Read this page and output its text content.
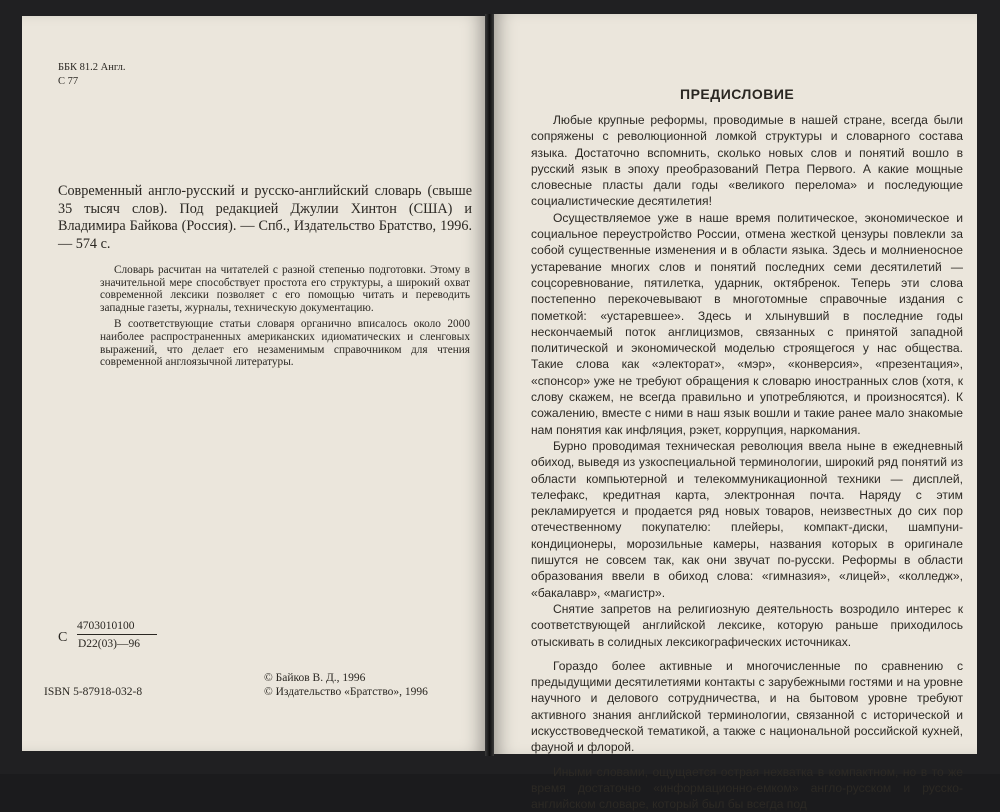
ББК 81.2 Англ.
С 77
Современный англо-русский и русско-английский словарь (свыше 35 тысяч слов). Под редакцией Джулии Хинтон (США) и Владимира Байкова (Россия). — Спб., Издательство Братство, 1996. — 574 с.

Словарь расчитан на читателей с разной степенью подготовки. Этому в значительной мере способствует простота его структуры, а широкий охват современной лексики позволяет с его помощью читать и переводить западные газеты, журналы, техническую документацию.

В соответствующие статьи словаря органично вписалось около 2000 наиболее распространенных американских идиоматических и сленговых выражений, что делает его незаменимым справочником для чтения современной англоязычной литературы.

С
4703010100
D22(03)—96
ISBN 5-87918-032-8
© Байков В. Д., 1996
© Издательство «Братство», 1996
ПРЕДИСЛОВИЕ

Любые крупные реформы, проводимые в нашей стране, всегда были сопряжены с революционной ломкой структуры и словарного состава языка. Достаточно вспомнить, сколько новых слов и понятий вошло в русский язык в эпоху преобразований Петра Первого. А какие мощные словесные пласты дали годы «великого перелома» и последующие социалистические десятилетия!

Осуществляемое уже в наше время политическое, экономическое и социальное переустройство России, отмена жесткой цензуры повлекли за собой существенные изменения и в области языка. Здесь и молниеносное устаревание многих слов и понятий последних семи десятилетий — соцсоревнование, пятилетка, ударник, октябренок. Теперь эти слова постепенно перекочевывают в многотомные справочные издания с пометкой: «устаревшее». Здесь и хлынувший в последние годы нескончаемый поток англицизмов, связанных с принятой западной политической и экономической моделью строящегося у нас общества. Такие слова как «электорат», «мэр», «конверсия», «презентация», «спонсор» уже не требуют обращения к словарю иностранных слов (хотя, к слову скажем, не всегда правильно и употребляются, и произносятся). К сожалению, вместе с ними в наш язык вошли и такие ранее мало знакомые нам понятия как инфляция, рэкет, коррупция, наркомания.

Бурно проводимая техническая революция ввела ныне в ежедневный обиход, выведя из узкоспециальной терминологии, широкий ряд понятий из области компьютерной и телекоммуникационной техники — дисплей, телефакс, кредитная карта, электронная почта. Наряду с этим рекламируется и продается ряд новых товаров, неизвестных до сих пор отечественному покупателю: плейеры, компакт-диски, шампуни-кондиционеры, морозильные камеры, названия которых в оригинале пишутся не совсем так, как они звучат по-русски. Реформы в области образования ввели в обиход слова: «гимназия», «лицей», «колледж», «бакалавр», «магистр».

Снятие запретов на религиозную деятельность возродило интерес к соответствующей английской лексике, которую раньше приходилось отыскивать в солидных лексикографических источниках.

Гораздо более активные и многочисленные по сравнению с предыдущими десятилетиями контакты с зарубежными гостями и на уровне научного и делового сотрудничества, и на бытовом уровне требуют активного знания английской терминологии, связанной с исторической и искусствоведческой тематикой, а также с национальной российской кухней, фауной и флорой.

Иными словами, ощущается острая нехватка в компактном, но в то же время достаточно «информационно-емком» англо-русском и русско-английском словаре, который был бы всегда под
